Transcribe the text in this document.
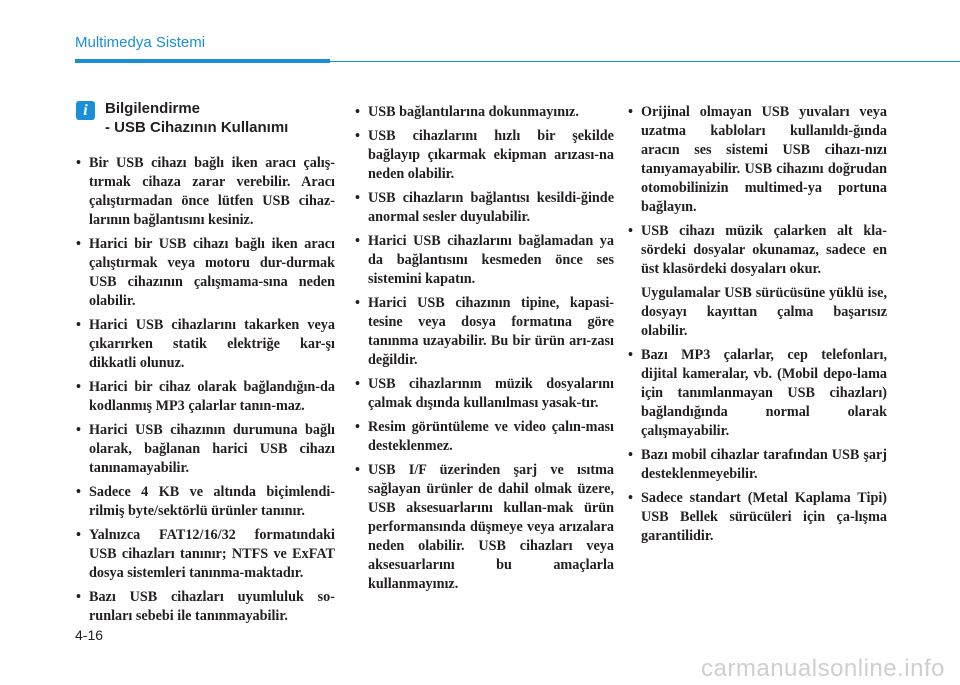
Multimedya Sistemi
i	Bilgilendirme
- USB Cihazının Kullanımı
• Bir USB cihazı bağlı iken aracı çalış-tırmak cihaza zarar verebilir. Aracı çalıştırmadan önce lütfen USB cihaz-larının bağlantısını kesiniz.
• Harici bir USB cihazı bağlı iken aracı çalıştırmak veya motoru dur-durmak USB cihazının çalışmama-sına neden olabilir.
• Harici USB cihazlarını takarken veya çıkarırken statik elektriğe kar-şı dikkatli olunuz.
• Harici bir cihaz olarak bağlandığın-da kodlanmış MP3 çalarlar tanın-maz.
• Harici USB cihazının durumuna bağlı olarak, bağlanan harici USB cihazı tanınamayabilir.
• Sadece 4 KB ve altında biçimlendi-rilmiş byte/sektörlü ürünler tanınır.
• Yalnızca FAT12/16/32 formatındaki USB cihazları tanınır; NTFS ve ExFAT dosya sistemleri tanınma-maktadır.
• Bazı USB cihazları uyumluluk so-runları sebebi ile tanınmayabilir.
• USB bağlantılarına dokunmayınız.
• USB cihazlarını hızlı bir şekilde bağlayıp çıkarmak ekipman arızası-na neden olabilir.
• USB cihazların bağlantısı kesildi-ğinde anormal sesler duyulabilir.
• Harici USB cihazlarını bağlamadan ya da bağlantısını kesmeden önce ses sistemini kapatın.
• Harici USB cihazının tipine, kapasi-tesine veya dosya formatına göre tanınma uzayabilir. Bu bir ürün arı-zası değildir.
• USB cihazlarının müzik dosyalarını çalmak dışında kullanılması yasak-tır.
• Resim görüntüleme ve video çalın-ması desteklenmez.
• USB I/F üzerinden şarj ve ısıtma sağlayan ürünler de dahil olmak üzere, USB aksesuarlarını kullan-mak ürün performansında düşmeye veya arızalara neden olabilir. USB cihazları veya aksesuarlarını bu amaçlarla kullanmayınız.
• Orijinal olmayan USB yuvaları veya uzatma kabloları kullanıldı-ğında aracın ses sistemi USB cihazı-nızı tanıyamayabilir. USB cihazını doğrudan otomobilinizin multimed-ya portuna bağlayın.
• USB cihazı müzik çalarken alt kla-sördeki dosyalar okunamaz, sadece en üst klasördeki dosyaları okur.
Uygulamalar USB sürücüsüne yüklü ise, dosyayı kayıttan çalma başarısız olabilir.
• Bazı MP3 çalarlar, cep telefonları, dijital kameralar, vb. (Mobil depo-lama için tanımlanmayan USB cihazları) bağlandığında normal olarak çalışmayabilir.
• Bazı mobil cihazlar tarafından USB şarj desteklenmeyebilir.
• Sadece standart (Metal Kaplama Tipi) USB Bellek sürücüleri için ça-lışma garantilidir.
4-16
carmanualsonline.info
